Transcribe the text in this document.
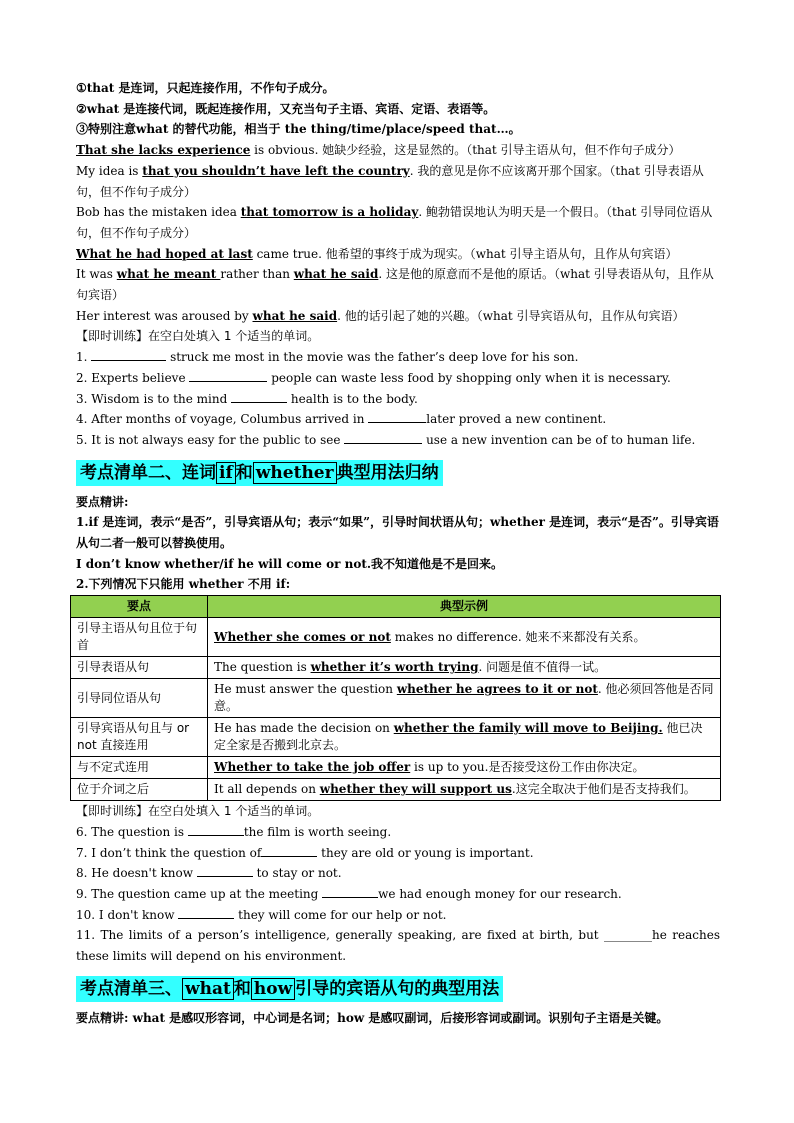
①that 是连词，只起连接作用，不作句子成分。
②what 是连接代词，既起连接作用，又充当句子主语、宾语、定语、表语等。
③特别注意what 的替代功能，相当于 the thing/time/place/speed that…。
That she lacks experience is obvious. 她缺少经验，这是显然的。（that 引导主语从句，但不作句子成分）
My idea is that you shouldn’t have left the country. 我的意见是你不应该离开那个国家。（that 引导表语从句，但不作句子成分）
Bob has the mistaken idea that tomorrow is a holiday. 鲍勃错误地认为明天是一个假日。（that 引导同位语从句，但不作句子成分）
What he had hoped at last came true. 他希望的事终于成为现实。（what 引导主语从句，且作从句宾语）
It was what he meant rather than what he said. 这是他的原意而不是他的原话。（what 引导表语从句，且作从句宾语）
Her interest was aroused by what he said. 他的话引起了她的兴趣。（what 引导宾语从句，且作从句宾语）
【即时训练】在空白处填入 1 个适当的单词。
1.	struck me most in the movie was the father’s deep love for his son.
2. Experts believe	people can waste less food by shopping only when it is necessary.
3. Wisdom is to the mind	health is to the body.
4. After months of voyage, Columbus arrived in	later proved a new continent.
5. It is not always easy for the public to see	use a new invention can be of to human life.
考点清单二、连词 if 和 whether 典型用法归纳
要点精讲:
1.if 是连词，表示“是否”，引导宾语从句；表示“如果”，引导时间状语从句；whether 是连词，表示“是否”。引导宾语从句二者一般可以替换使用。
I don’t know whether/if he will come or not.我不知道他是不是回来。
2.下列情况下只能用 whether 不用 if:
要点	典型示例
引导主语从句且位于句首	Whether she comes or not makes no difference. 她来不来都没有关系。
引导表语从句	The question is whether it’s worth trying. 问题是值不值得一试。
引导同位语从句	He must answer the question whether he agrees to it or not. 他必须回答他是否同意。
引导宾语从句且与 or not 直接连用	He has made the decision on whether the family will move to Beijing. 他已决定全家是否搬到北京去。
与不定式连用	Whether to take the job offer is up to you.是否接受这份工作由你决定。
位于介词之后	It all depends on whether they will support us.这完全取决于他们是否支持我们。
【即时训练】在空白处填入 1 个适当的单词。
6. The question is	the film is worth seeing.
7. I don’t think the question of	they are old or young is important.
8. He doesn't know	to stay or not.
9. The question came up at the meeting	we had enough money for our research.
10. I don't know	they will come for our help or not.
11. The limits of a person’s intelligence, generally speaking, are fixed at birth, but ________he reaches these limits will depend on his environment.
考点清单三、 what 和 how 引导的宾语从句的典型用法
要点精讲: what 是感叹形容词，中心词是名词；how 是感叹副词，后接形容词或副词。识别句子主语是关键。
